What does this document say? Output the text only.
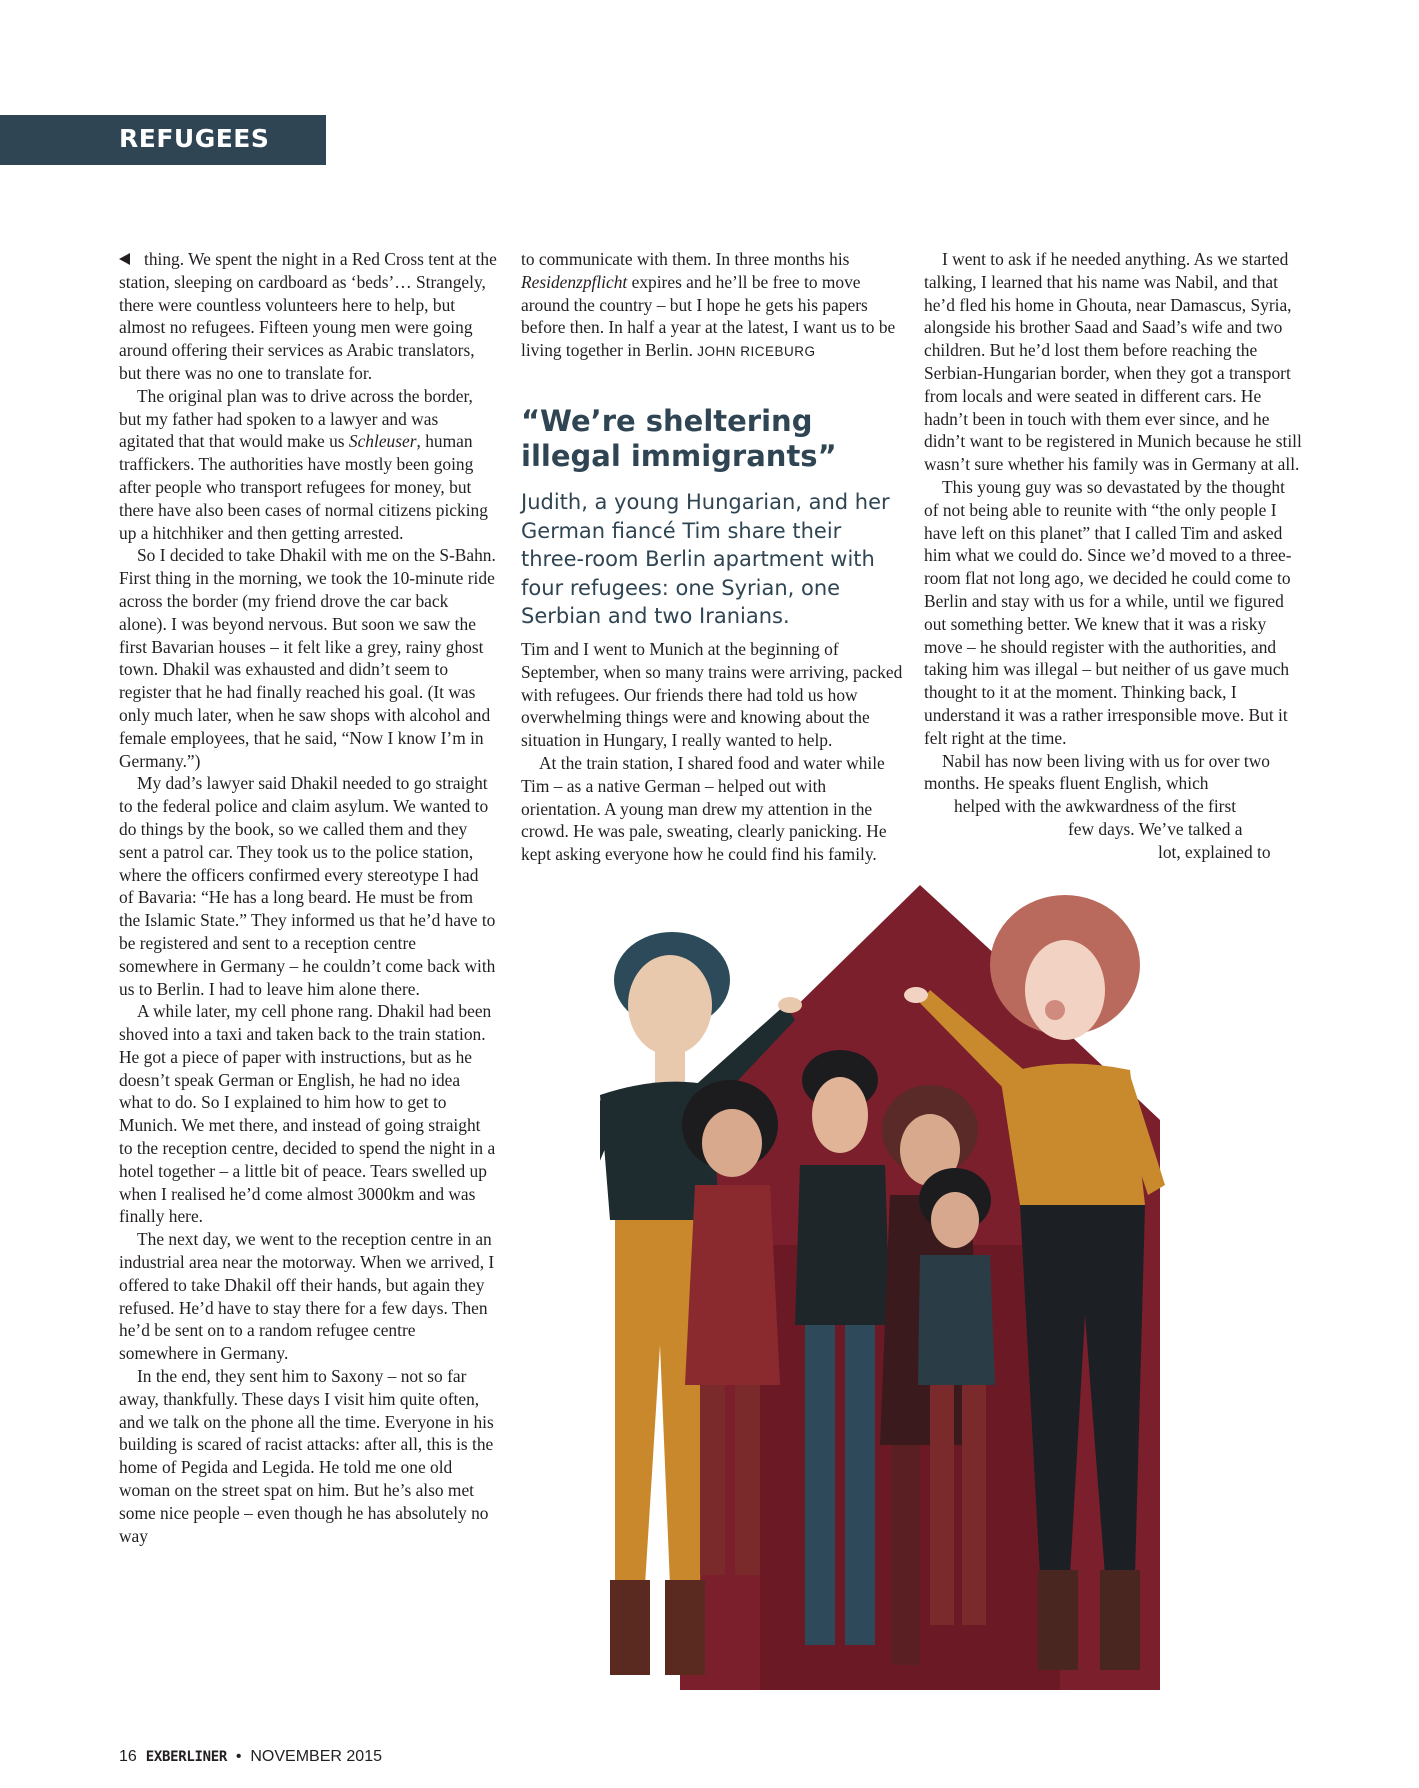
REFUGEES

thing. We spent the night in a Red Cross tent at the station, sleeping on cardboard as ‘beds’… Strangely, there were countless volunteers here to help, but almost no refugees. Fifteen young men were going around offering their services as Arabic translators, but there was no one to translate for.

The original plan was to drive across the border, but my father had spoken to a lawyer and was agitated that that would make us Schleuser, human traffickers. The authorities have mostly been going after people who transport refugees for money, but there have also been cases of normal citizens picking up a hitchhiker and then getting arrested.

So I decided to take Dhakil with me on the S-Bahn. First thing in the morning, we took the 10-minute ride across the border (my friend drove the car back alone). I was beyond nervous. But soon we saw the first Bavarian houses – it felt like a grey, rainy ghost town. Dhakil was exhausted and didn’t seem to register that he had finally reached his goal. (It was only much later, when he saw shops with alcohol and female employees, that he said, “Now I know I’m in Germany.”)

My dad’s lawyer said Dhakil needed to go straight to the federal police and claim asylum. We wanted to do things by the book, so we called them and they sent a patrol car. They took us to the police station, where the officers confirmed every stereotype I had of Bavaria: “He has a long beard. He must be from the Islamic State.” They informed us that he’d have to be registered and sent to a reception centre somewhere in Germany – he couldn’t come back with us to Berlin. I had to leave him alone there.

A while later, my cell phone rang. Dhakil had been shoved into a taxi and taken back to the train station. He got a piece of paper with instructions, but as he doesn’t speak German or English, he had no idea what to do. So I explained to him how to get to Munich. We met there, and instead of going straight to the reception centre, decided to spend the night in a hotel together – a little bit of peace. Tears swelled up when I realised he’d come almost 3000km and was finally here.

The next day, we went to the reception centre in an industrial area near the motorway. When we arrived, I offered to take Dhakil off their hands, but again they refused. He’d have to stay there for a few days. Then he’d be sent on to a random refugee centre somewhere in Germany.

In the end, they sent him to Saxony – not so far away, thankfully. These days I visit him quite often, and we talk on the phone all the time. Everyone in his building is scared of racist attacks: after all, this is the home of Pegida and Legida. He told me one old woman on the street spat on him. But he’s also met some nice people – even though he has absolutely no way

to communicate with them. In three months his Residenzpflicht expires and he’ll be free to move around the country – but I hope he gets his papers before then. In half a year at the latest, I want us to be living together in Berlin. JOHN RICEBURG

“We’re sheltering illegal immigrants”
Judith, a young Hungarian, and her German fiancé Tim share their three-room Berlin apartment with four refugees: one Syrian, one Serbian and two Iranians.

Tim and I went to Munich at the beginning of September, when so many trains were arriving, packed with refugees. Our friends there had told us how overwhelming things were and knowing about the situation in Hungary, I really wanted to help.

At the train station, I shared food and water while Tim – as a native German – helped out with orientation. A young man drew my attention in the crowd. He was pale, sweating, clearly panicking. He kept asking everyone how he could find his family.

I went to ask if he needed anything. As we started talking, I learned that his name was Nabil, and that he’d fled his home in Ghouta, near Damascus, Syria, alongside his brother Saad and Saad’s wife and two children. But he’d lost them before reaching the Serbian-Hungarian border, when they got a transport from locals and were seated in different cars. He hadn’t been in touch with them ever since, and he didn’t want to be registered in Munich because he still wasn’t sure whether his family was in Germany at all.

This young guy was so devastated by the thought of not being able to reunite with “the only people I have left on this planet” that I called Tim and asked him what we could do. Since we’d moved to a three-room flat not long ago, we decided he could come to Berlin and stay with us for a while, until we figured out something better. We knew that it was a risky move – he should register with the authorities, and taking him was illegal – but neither of us gave much thought to it at the moment. Thinking back, I understand it was a rather irresponsible move. But it felt right at the time.

Nabil has now been living with us for over two months. He speaks fluent English, which

helped with the awkwardness of the first
few days. We’ve talked a
lot, explained to
16 EXBERLINER • NOVEMBER 2015
